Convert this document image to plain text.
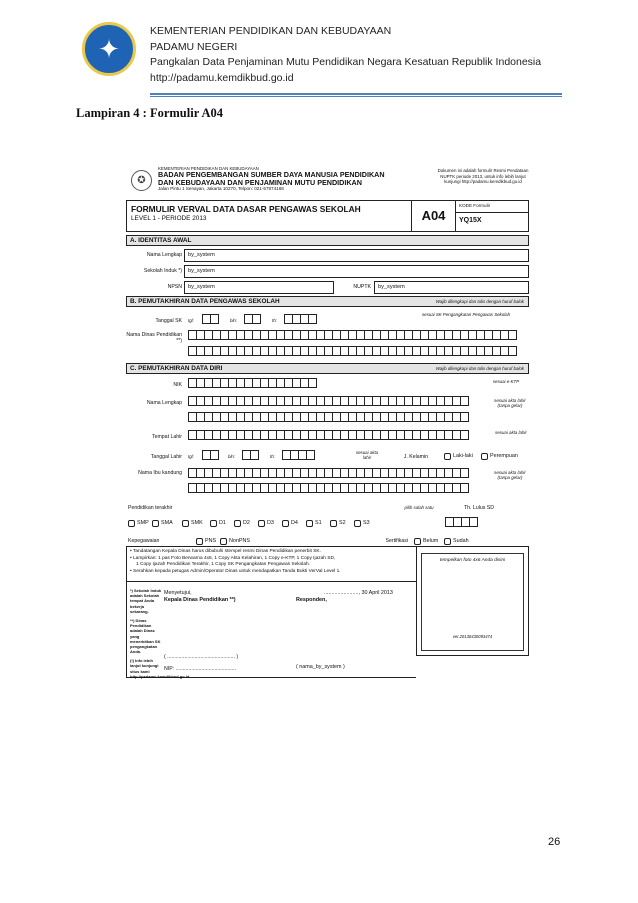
✦
KEMENTERIAN PENDIDIKAN DAN KEBUDAYAAN
PADAMU NEGERI
Pangkalan Data Penjaminan Mutu Pendidikan Negara Kesatuan Republik Indonesia
http://padamu.kemdikbud.go.id
Lampiran 4 : Formulir A04
✪
KEMENTERIAN PENDIDIKAN DAN KEBUDAYAAN
BADAN PENGEMBANGAN SUMBER DAYA MANUSIA PENDIDIKAN
DAN KEBUDAYAAN DAN PENJAMINAN MUTU PENDIDIKAN
Jalan Pintu 1 Senayan, Jakarta 10270, Telpon: 021-57974168
Dokumen ini adalah formulir Resmi Pendataan NUPTK periode 2013, untuk info lebih lanjut kunjungi http://padamu.kemdikbud.go.id
FORMULIR VERVAL DATA DASAR PENGAWAS SEKOLAH
LEVEL 1 - PERIODE 2013	A04
KODE Formulir
YQ15X
A. IDENTITAS AWAL
Nama Lengkap by_system
Sekolah Induk *) by_system
NPSN by_system	NUPTK by_system
B. PEMUTAKHIRAN DATA PENGAWAS SEKOLAH	Wajib dilengkapi dan tulis dengan huruf balok
Tanggal SK tgl:	bln:	th:
sesuai SK Pengangkatan Pengawas Sekolah
Nama Dinas Pendidikan **)
C. PEMUTAKHIRAN DATA DIRI	Wajib dilengkapi dan tulis dengan huruf balok
NIK
sesuai e-KTP
Nama Lengkap	sesuai akta lahir (tanpa gelar)
Tempat Lahir
sesuai akta lahir
Tanggal Lahir tgl:	bln:	th:
sesuai akta lahir	J. Kelamin	Laki-laki	Perempuan
Nama Ibu kandung	sesuai akta lahir (tanpa gelar)
Pendidikan terakhir	pilih salah satu	Th. Lulus SD
SMP SMA	SMK	D1	D2	D3	D4	S1	S2	S3
Kepegawaian	PNS NonPNS	Sertifikasi	Belum	Sudah
• Tandatangan Kepala Dinas harus dibubuhi stempel resmi Dinas Pendidikan penerbit SK.
• Lampirkan: 1 pas Foto Berwarna 4x6, 1 Copy Akta Kelahiran, 1 Copy e-KTP, 1 Copy Ijazah SD,
1 Copy Ijazah Pendidikan Terakhir, 1 Copy SK Pengangkatan Pengawas Sekolah.
• Serahkan kepada petugas Admin/Operator Dinas untuk mendapatkan Tanda Bukti VerVal Level 1.
tempelkan foto 4x6 Anda disini
ver.20130430093474
*) Sekolah Induk adalah Sekolah tempat Anda bekerja sekarang.
**) Dinas Pendidikan adalah Dinas yang menerbitkan SK pengangkatan Anda.
(!) Info lebih lanjut kunjungi situs kami http://padamu.kemdikbud.go.id
Menyetujui,
Kepala Dinas Pendidikan **)
......................., 30 April 2013
Responden,
( ............................................... )
NIP: ..........................................	( nama_by_system )
26
